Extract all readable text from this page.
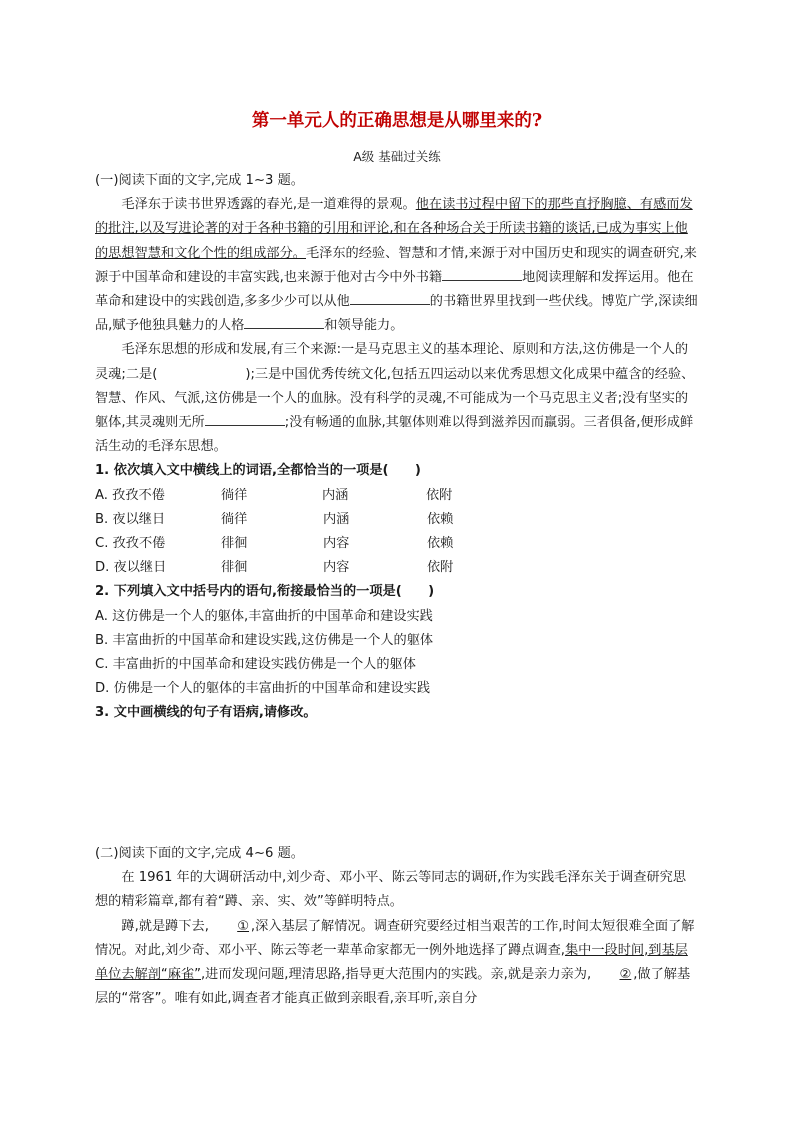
第一单元人的正确思想是从哪里来的?
A级 基础过关练

(一)阅读下面的文字,完成 1~3 题。

毛泽东于读书世界透露的春光,是一道难得的景观。他在读书过程中留下的那些直抒胸臆、有感而发的批注,以及写进论著的对于各种书籍的引用和评论,和在各种场合关于所读书籍的谈话,已成为事实上他的思想智慧和文化个性的组成部分。毛泽东的经验、智慧和才情,来源于对中国历史和现实的调查研究,来源于中国革命和建设的丰富实践,也来源于他对古今中外书籍	地阅读理解和发挥运用。他在革命和建设中的实践创造,多多少少可以从他	的书籍世界里找到一些伏线。博览广学,深读细品,赋予他独具魅力的人格	和领导能力。

毛泽东思想的形成和发展,有三个来源:一是马克思主义的基本理论、原则和方法,这仿佛是一个人的灵魂;二是(	);三是中国优秀传统文化,包括五四运动以来优秀思想文化成果中蕴含的经验、智慧、作风、气派,这仿佛是一个人的血脉。没有科学的灵魂,不可能成为一个马克思主义者;没有坚实的躯体,其灵魂则无所	;没有畅通的血脉,其躯体则难以得到滋养因而羸弱。三者俱备,便形成鲜活生动的毛泽东思想。

1. 依次填入文中横线上的词语,全都恰当的一项是(　　)

A. 孜孜不倦	徜徉	内涵	依附
B. 夜以继日	徜徉	内涵	依赖
C. 孜孜不倦	徘徊	内容	依赖
D. 夜以继日	徘徊	内容	依附

2. 下列填入文中括号内的语句,衔接最恰当的一项是(　　)

A. 这仿佛是一个人的躯体,丰富曲折的中国革命和建设实践

B. 丰富曲折的中国革命和建设实践,这仿佛是一个人的躯体

C. 丰富曲折的中国革命和建设实践仿佛是一个人的躯体

D. 仿佛是一个人的躯体的丰富曲折的中国革命和建设实践

3. 文中画横线的句子有语病,请修改。

(二)阅读下面的文字,完成 4~6 题。

在 1961 年的大调研活动中,刘少奇、邓小平、陈云等同志的调研,作为实践毛泽东关于调查研究思想的精彩篇章,都有着“蹲、亲、实、效”等鲜明特点。

蹲,就是蹲下去, ① ,深入基层了解情况。调查研究要经过相当艰苦的工作,时间太短很难全面了解情况。对此,刘少奇、邓小平、陈云等老一辈革命家都无一例外地选择了蹲点调查,集中一段时间,到基层单位去解剖“麻雀”,进而发现问题,理清思路,指导更大范围内的实践。亲,就是亲力亲为, ② ,做了解基层的“常客”。唯有如此,调查者才能真正做到亲眼看,亲耳听,亲自分
